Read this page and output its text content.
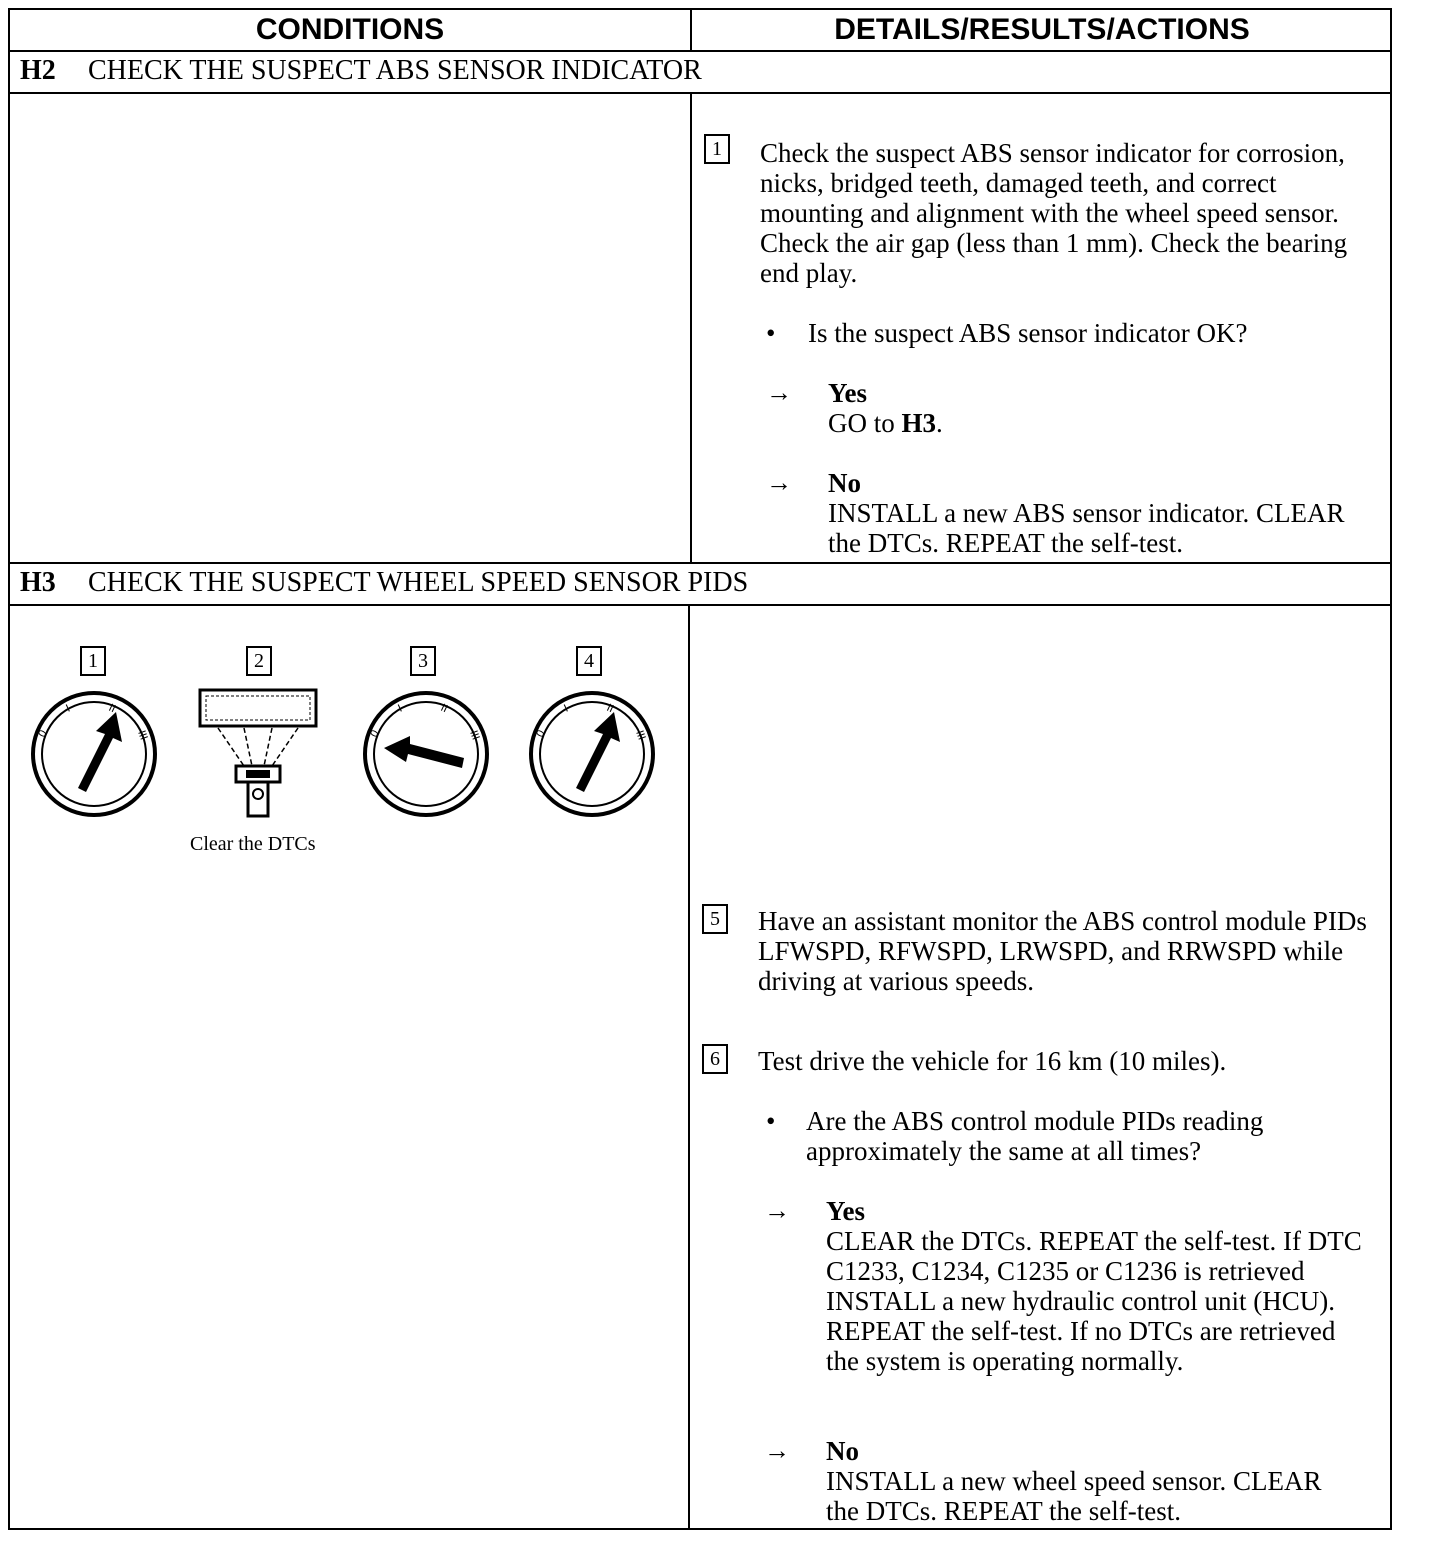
CONDITIONS	DETAILS/RESULTS/ACTIONS
H2 CHECK THE SUSPECT ABS SENSOR INDICATOR
1 Check the suspect ABS sensor indicator for corrosion, nicks, bridged teeth, damaged teeth, and correct mounting and alignment with the wheel speed sensor. Check the air gap (less than 1 mm). Check the bearing end play.
• Is the suspect ABS sensor indicator OK?
→ Yes
GO to H3.
→ No
INSTALL a new ABS sensor indicator. CLEAR the DTCs. REPEAT the self-test.
H3 CHECK THE SUSPECT WHEEL SPEED SENSOR PIDS
1	2	3	4
0
I	II
III
Clear the DTCs
0
I	II
III	0
I	II
III
5 Have an assistant monitor the ABS control module PIDs LFWSPD, RFWSPD, LRWSPD, and RRWSPD while driving at various speeds.
6 Test drive the vehicle for 16 km (10 miles).
• Are the ABS control module PIDs reading approximately the same at all times?
→ Yes
CLEAR the DTCs. REPEAT the self-test. If DTC C1233, C1234, C1235 or C1236 is retrieved INSTALL a new hydraulic control unit (HCU). REPEAT the self-test. If no DTCs are retrieved the system is operating normally.
→ No
INSTALL a new wheel speed sensor. CLEAR the DTCs. REPEAT the self-test.
